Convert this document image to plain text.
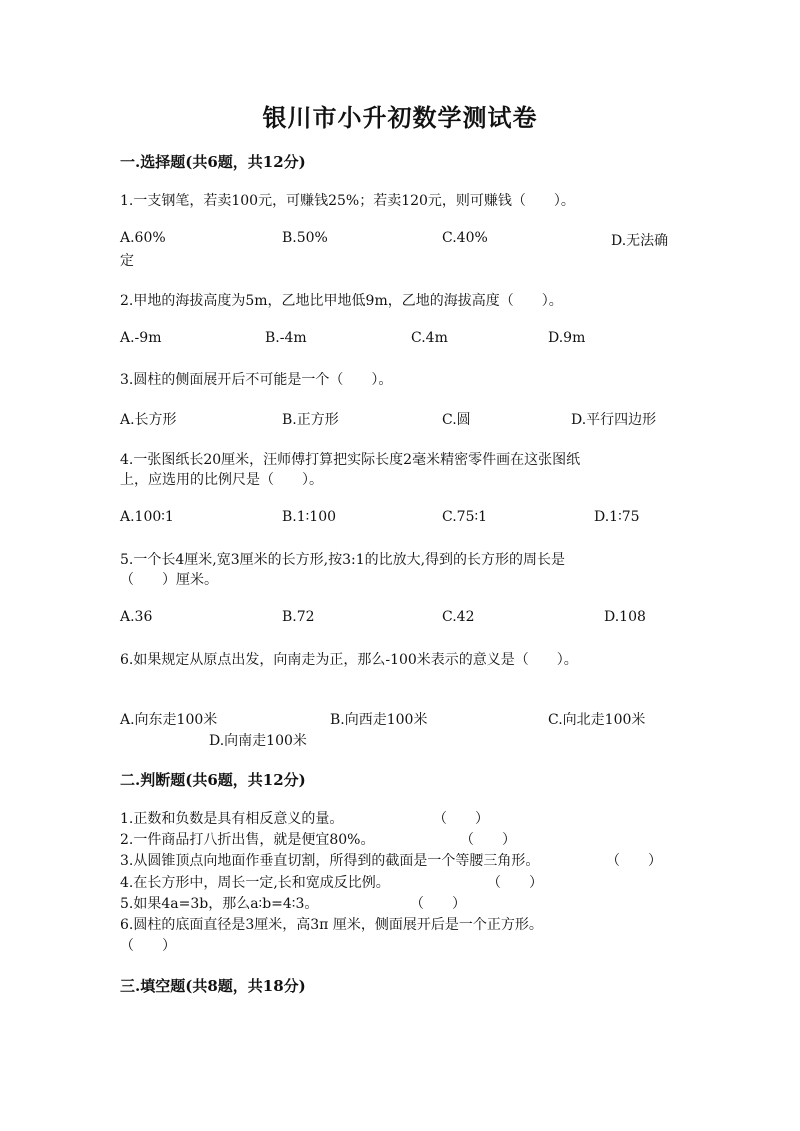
银川市小升初数学测试卷
一.选择题(共6题，共12分)
1.一支钢笔，若卖100元，可赚钱25%；若卖120元，则可赚钱（　　）。
A.60%	B.50%	C.40%	D.无法确
定
2.甲地的海拔高度为5m，乙地比甲地低9m，乙地的海拔高度（　　）。
A.-9m	B.-4m	C.4m	D.9m
3.圆柱的侧面展开后不可能是一个（　　）。
A.长方形	B.正方形	C.圆	D.平行四边形
4.一张图纸长20厘米，汪师傅打算把实际长度2毫米精密零件画在这张图纸
上，应选用的比例尺是（　　）。
A.100∶1	B.1∶100	C.75∶1	D.1∶75
5.一个长4厘米,宽3厘米的长方形,按3:1的比放大,得到的长方形的周长是
（　　）厘米。
A.36	B.72	C.42	D.108
6.如果规定从原点出发，向南走为正，那么-100米表示的意义是（　　）。
A.向东走100米	B.向西走100米	C.向北走100米
D.向南走100米
二.判断题(共6题，共12分)
1.正数和负数是具有相反意义的量。	（　　）
2.一件商品打八折出售，就是便宜80%。	（　　）
3.从圆锥顶点向地面作垂直切割，所得到的截面是一个等腰三角形。	（　　）
4.在长方形中，周长一定,长和宽成反比例。	（　　）
5.如果4a=3b，那么a∶b=4∶3。	（　　）
6.圆柱的底面直径是3厘米，高3π 厘米，侧面展开后是一个正方形。
（　　）
三.填空题(共8题，共18分)
